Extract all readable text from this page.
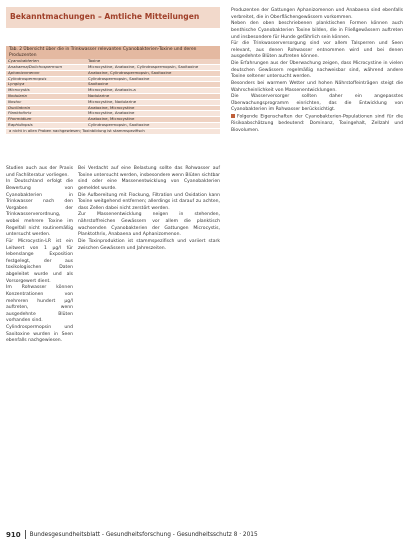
Bekanntmachungen – Amtliche Mitteilungen
Tab. 2 Übersicht über die in Trinkwasser relevanten Cyanobakterien-Toxine und deren Produzenten
Cyanobakterien	Toxine
Anabaena/Dolichospermum	Microcystine, Anatoxine, Cylindrospermopsin, Saxitoxine
Aphanizomenon	Anatoxine, Cylindrospermopsin, Saxitoxine
Cylindrospermopsis	Cylindrospermopsin, Saxitoxine
Lyngbya	Saxitoxine
Microcystis	Microcystine, Anatoxin-a
Nodularia	Nodularine
Nostoc	Microcystine, Nodularine
Oscillatoria	Anatoxine, Microcystine
Planktothrix	Microcystine, Anatoxine
Phormidium	Anatoxine, Microcystine
Raphidiopsis	Cylindrospermopsin, Saxitoxine
a nicht in allen Proben nachgewiesen; Toxinbildung ist stammspezifisch

Studien auch aus der Praxis und Fachliteratur vorliegen.

In Deutschland erfolgt die Bewertung von Cyanobakterien in Trinkwasser nach den Vorgaben der Trinkwasserverordnung, wobei mehrere Toxine im Regelfall nicht routinemäßig untersucht werden.

Für Microcystin-LR ist ein Leitwert von 1 µg/l für lebenslange Exposition festgelegt, der aus toxikologischen Daten abgeleitet wurde und als Vorsorgewert dient.

Im Rohwasser können Konzentrationen von mehreren hundert µg/l auftreten, wenn ausgedehnte Blüten vorhanden sind.

Cylindrospermopsin und Saxitoxine wurden in Seen ebenfalls nachgewiesen.

Bei Verdacht auf eine Belastung sollte das Rohwasser auf Toxine untersucht werden, insbesondere wenn Blüten sichtbar sind oder eine Massenentwicklung von Cyanobakterien gemeldet wurde.

Die Aufbereitung mit Flockung, Filtration und Oxidation kann Toxine weitgehend entfernen; allerdings ist darauf zu achten, dass Zellen dabei nicht zerstört werden.

Zur Massenentwicklung neigen in stehenden, nährstoffreichen Gewässern vor allem die planktisch wachsenden Cyanobakterien der Gattungen Microcystis, Planktothrix, Anabaena und Aphanizomenon.

Die Toxinproduktion ist stammspezifisch und variiert stark zwischen Gewässern und Jahreszeiten.

Produzenten der Gattungen Aphanizomenon und Anabaena sind ebenfalls verbreitet, die in Oberflächengewässern vorkommen.

Neben den oben beschriebenen planktischen Formen können auch benthische Cyanobakterien Toxine bilden, die in Fließgewässern auftreten und insbesondere für Hunde gefährlich sein können.

Für die Trinkwasserversorgung sind vor allem Talsperren und Seen relevant, aus denen Rohwasser entnommen wird und bei denen ausgedehnte Blüten auftreten können.

Die Erfahrungen aus der Überwachung zeigen, dass Microcystine in vielen deutschen Gewässern regelmäßig nachweisbar sind, während andere Toxine seltener untersucht werden.

Besonders bei warmem Wetter und hohen Nährstoffeinträgen steigt die Wahrscheinlichkeit von Massenentwicklungen.

Die Wasserversorger sollten daher ein angepasstes Überwachungsprogramm einrichten, das die Entwicklung von Cyanobakterien im Rohwasser berücksichtigt.

Folgende Eigenschaften der Cyanobakterien-Populationen sind für die Risikoabschätzung bedeutend: Dominanz, Toxingehalt, Zellzahl und Biovolumen.

910 Bundesgesundheitsblatt - Gesundheitsforschung - Gesundheitsschutz 8 · 2015
